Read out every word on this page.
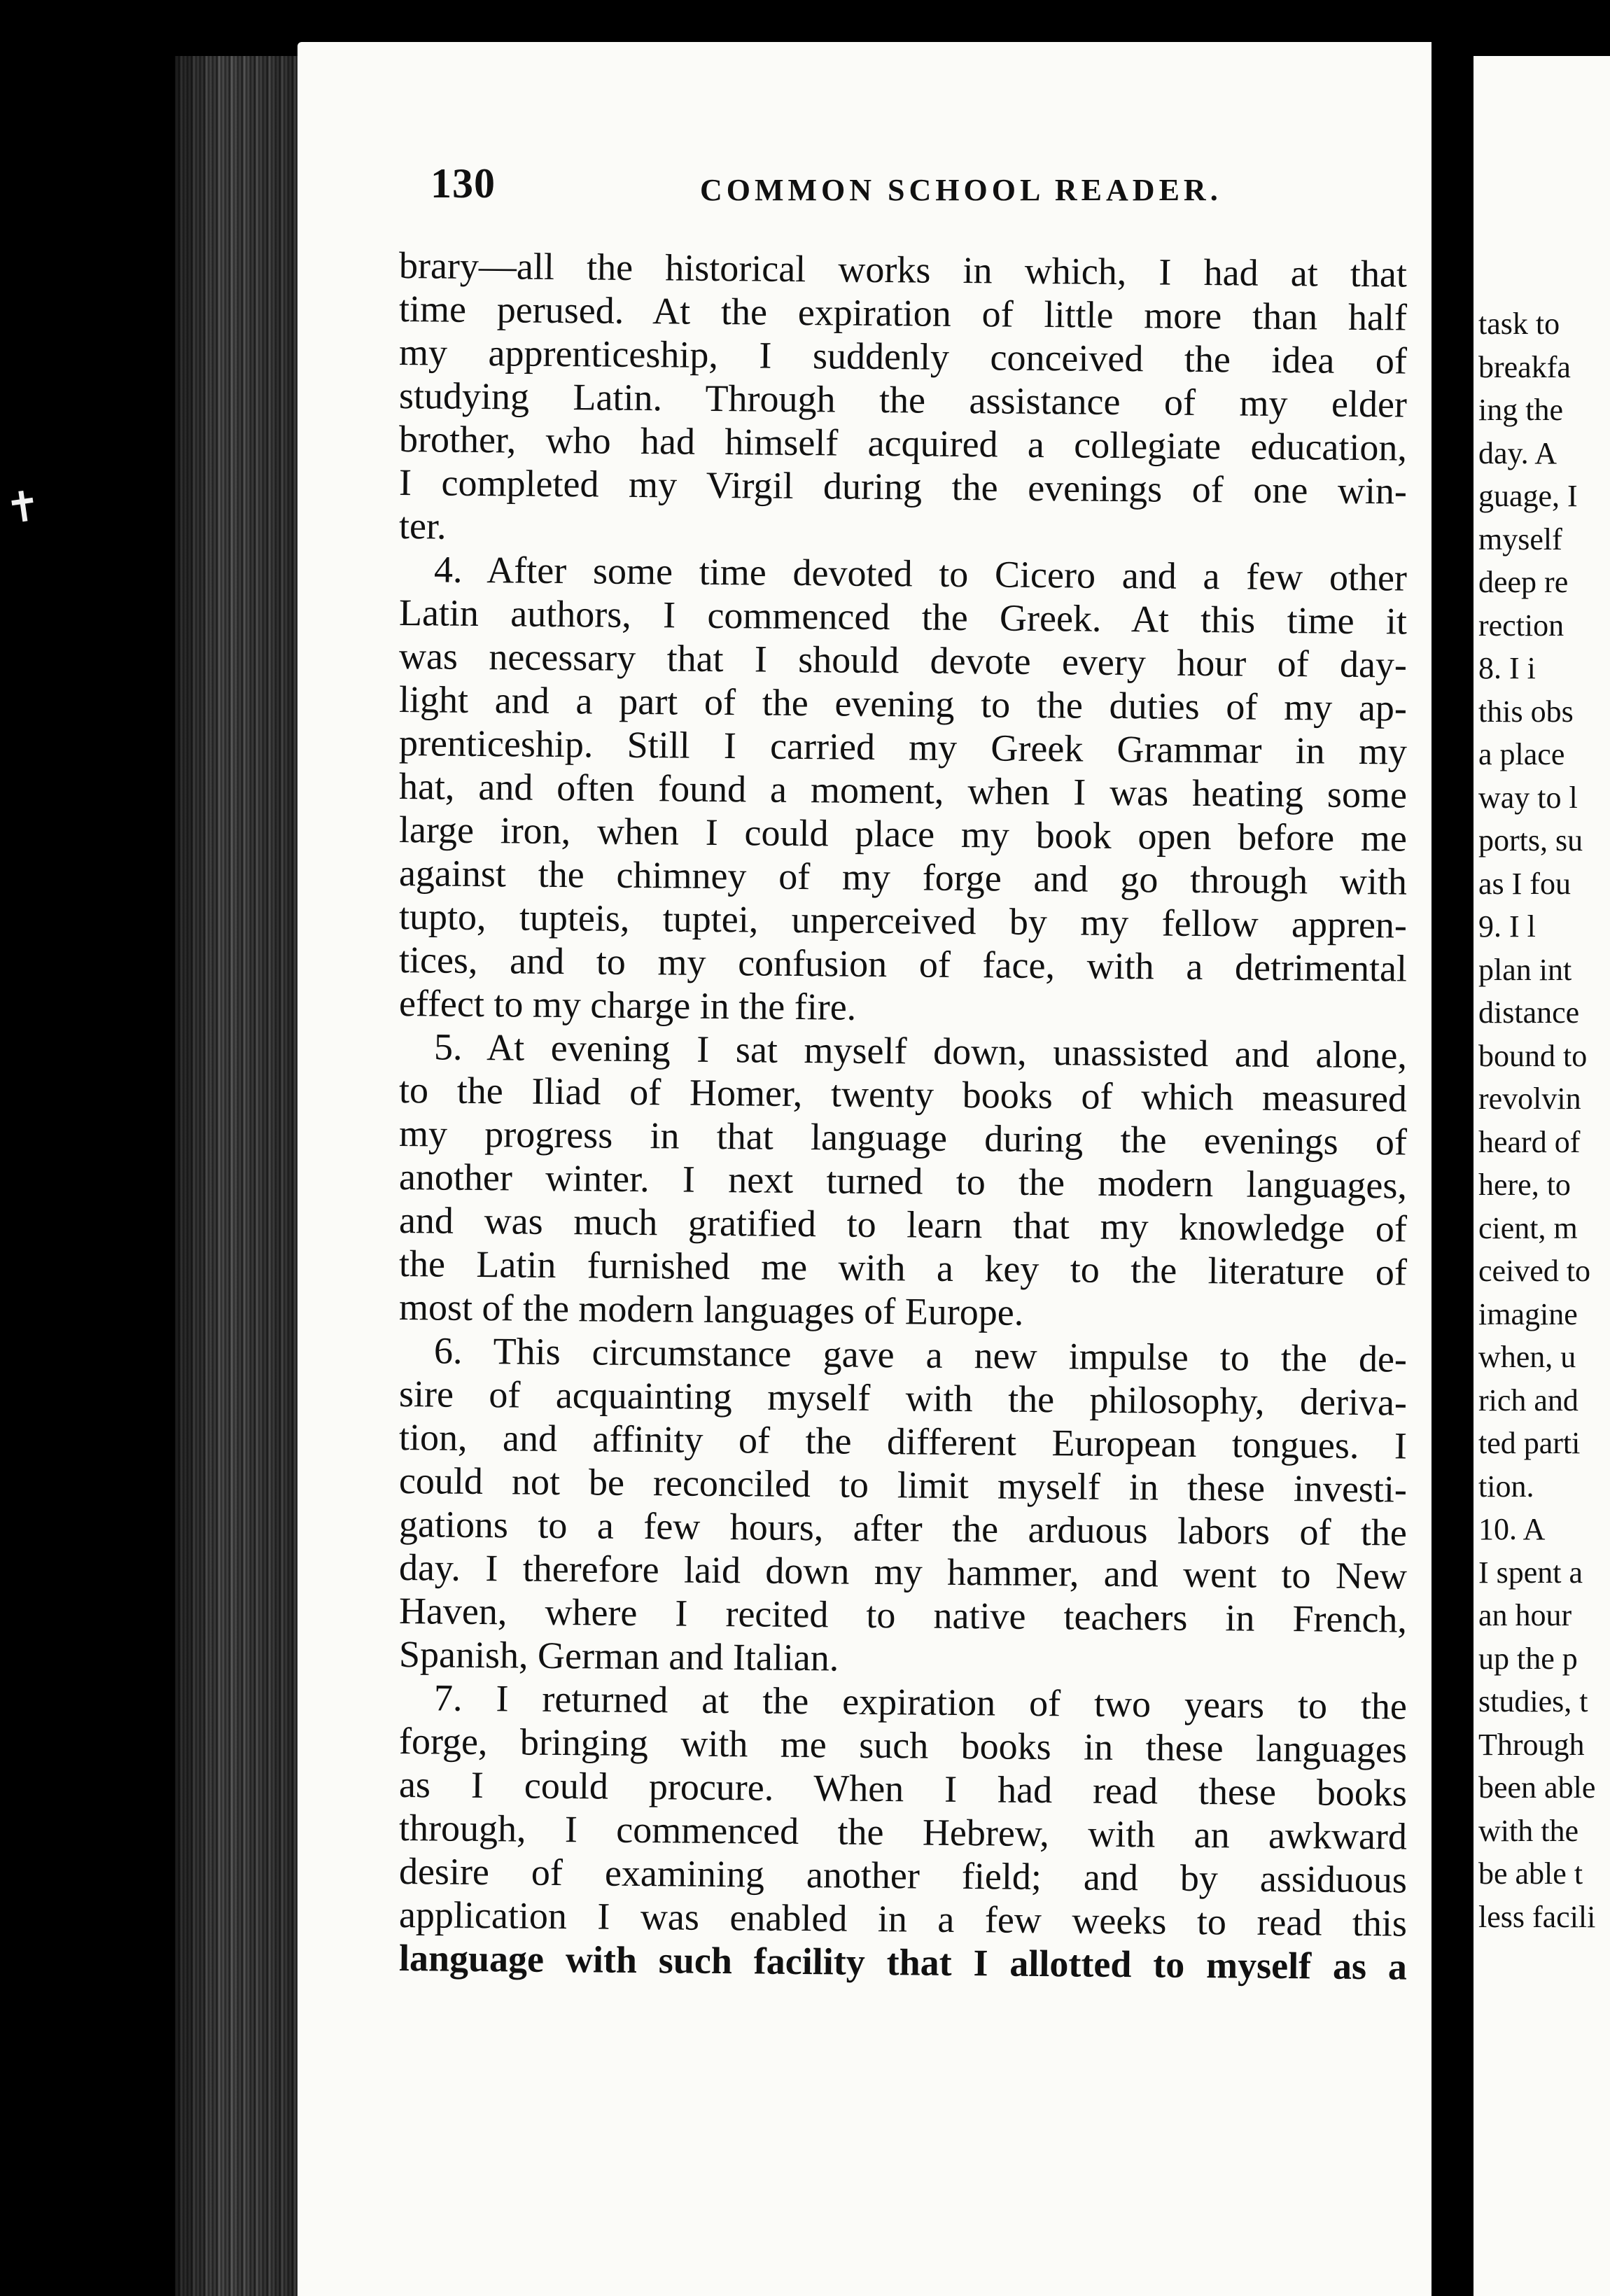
✝
130	COMMON SCHOOL READER.
brary—all the historical works in which, I had at that
time perused. At the expiration of little more than half
my apprenticeship, I suddenly conceived the idea of
studying Latin. Through the assistance of my elder
brother, who had himself acquired a collegiate education,
I completed my Virgil during the evenings of one win-
ter.
4. After some time devoted to Cicero and a few other
Latin authors, I commenced the Greek. At this time it
was necessary that I should devote every hour of day-
light and a part of the evening to the duties of my ap-
prenticeship. Still I carried my Greek Grammar in my
hat, and often found a moment, when I was heating some
large iron, when I could place my book open before me
against the chimney of my forge and go through with
tupto, tupteis, tuptei, unperceived by my fellow appren-
tices, and to my confusion of face, with a detrimental
effect to my charge in the fire.
5. At evening I sat myself down, unassisted and alone,
to the Iliad of Homer, twenty books of which measured
my progress in that language during the evenings of
another winter. I next turned to the modern languages,
and was much gratified to learn that my knowledge of
the Latin furnished me with a key to the literature of
most of the modern languages of Europe.
6. This circumstance gave a new impulse to the de-
sire of acquainting myself with the philosophy, deriva-
tion, and affinity of the different European tongues. I
could not be reconciled to limit myself in these investi-
gations to a few hours, after the arduous labors of the
day. I therefore laid down my hammer, and went to New
Haven, where I recited to native teachers in French,
Spanish, German and Italian.
7. I returned at the expiration of two years to the
forge, bringing with me such books in these languages
as I could procure. When I had read these books
through, I commenced the Hebrew, with an awkward
desire of examining another field; and by assiduous
application I was enabled in a few weeks to read this
language with such facility that I allotted to myself as a
task to
breakfa
ing the
day. A
guage, I
myself
deep re
rection
8. I i
this obs
a place
way to l
ports, su
as I fou
9. I l
plan int
distance
bound to
revolvin
heard of
here, to
cient, m
ceived to
imagine
when, u
rich and
ted parti
tion.
10. A
I spent a
an hour
up the p
studies, t
Through
been able
with the
be able t
less facili
